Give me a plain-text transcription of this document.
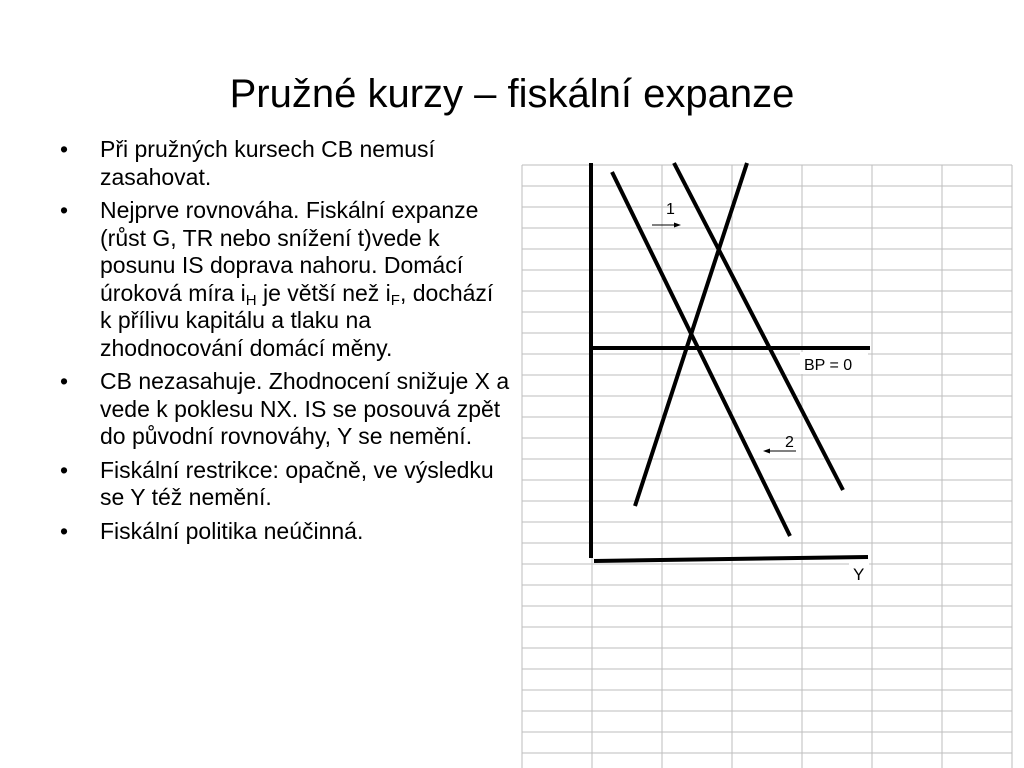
Pružné kurzy – fiskální expanze
•	Při pružných kursech CB nemusí zasahovat.
•	Nejprve rovnováha. Fiskální expanze (růst G, TR nebo snížení t)vede k posunu IS doprava nahoru. Domácí úroková míra $i_H$ je větší než $i_F$, dochází k přílivu kapitálu a tlaku na zhodnocování domácí měny.
•	CB nezasahuje. Zhodnocení snižuje X a vede k poklesu NX. IS se posouvá zpět do původní rovnováhy, Y se nemění.
•	Fiskální restrikce: opačně, ve výsledku se Y též nemění.
•	Fiskální politika neúčinná.
BP = 0
Y
1
2
